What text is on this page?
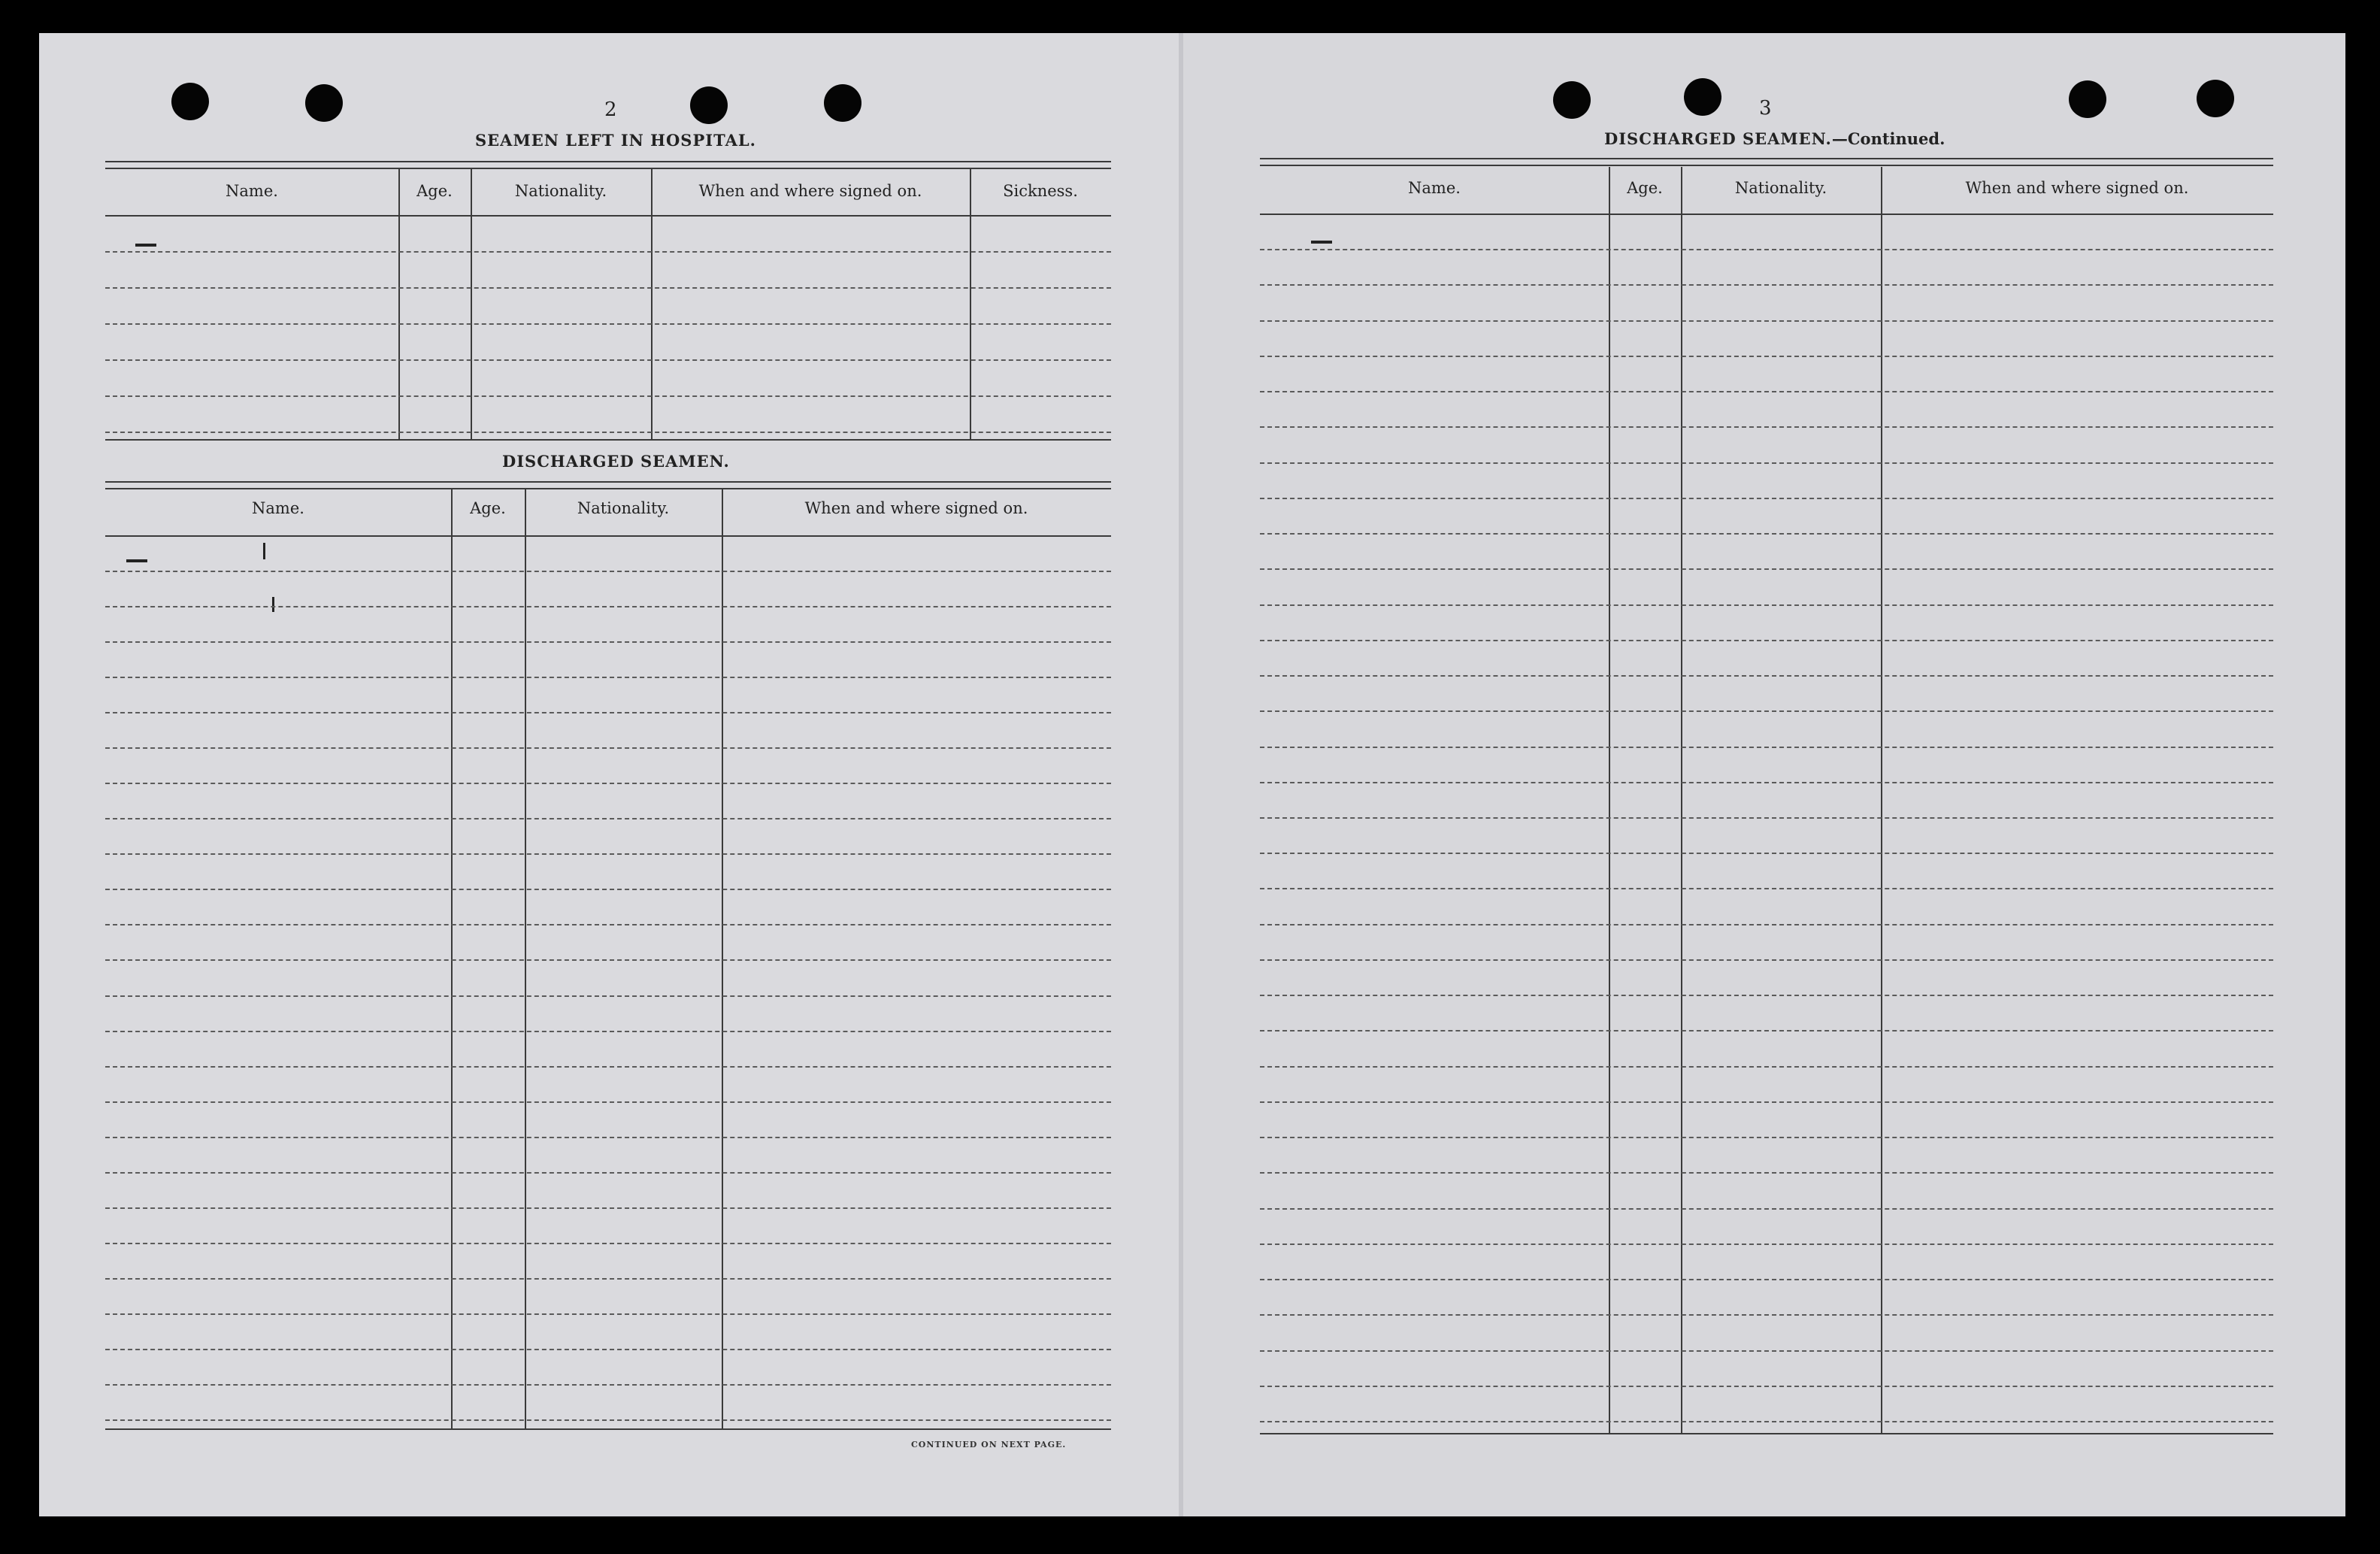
2	3
SEAMEN LEFT IN HOSPITAL.
DISCHARGED SEAMEN.
DISCHARGED SEAMEN.—Continued.
Name.	Age.	Nationality.	When and where signed on.	Sickness.
Name.	Age.	Nationality.	When and where signed on.
CONTINUED ON NEXT PAGE.
Name.	Age.	Nationality.	When and where signed on.
